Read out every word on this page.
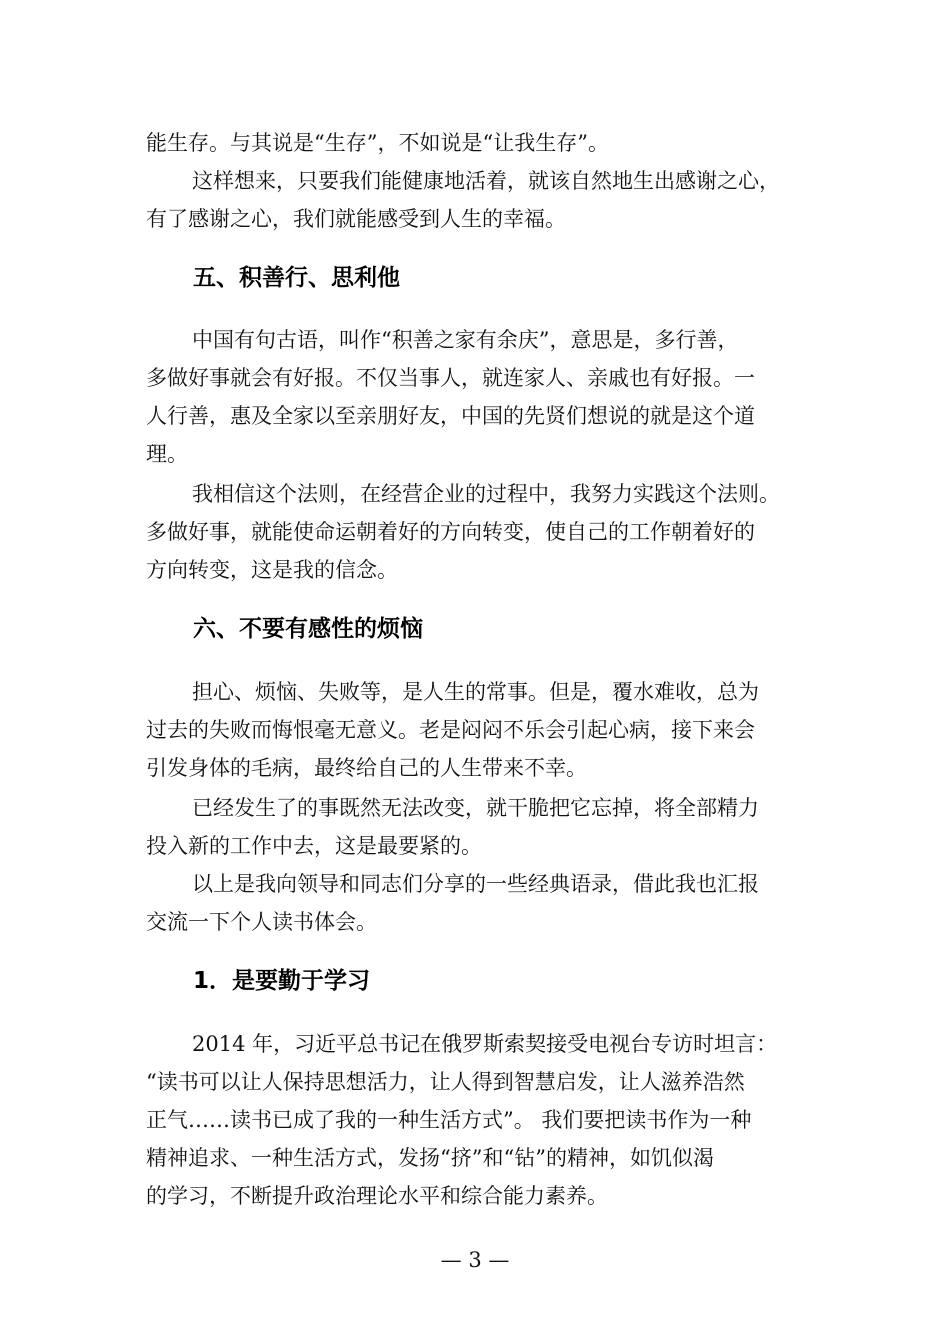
能生存。与其说是“生存”，不如说是“让我生存”。
这样想来，只要我们能健康地活着，就该自然地生出感谢之心，
有了感谢之心，我们就能感受到人生的幸福。
五、积善行、思利他
中国有句古语，叫作“积善之家有余庆”，意思是，多行善，
多做好事就会有好报。不仅当事人，就连家人、亲戚也有好报。一
人行善，惠及全家以至亲朋好友，中国的先贤们想说的就是这个道
理。
我相信这个法则，在经营企业的过程中，我努力实践这个法则。
多做好事，就能使命运朝着好的方向转变，使自己的工作朝着好的
方向转变，这是我的信念。
六、不要有感性的烦恼
担心、烦恼、失败等，是人生的常事。但是，覆水难收，总为
过去的失败而悔恨毫无意义。老是闷闷不乐会引起心病，接下来会
引发身体的毛病，最终给自己的人生带来不幸。
已经发生了的事既然无法改变，就干脆把它忘掉，将全部精力
投入新的工作中去，这是最要紧的。
以上是我向领导和同志们分享的一些经典语录，借此我也汇报
交流一下个人读书体会。
1．是要勤于学习
2014 年，习近平总书记在俄罗斯索契接受电视台专访时坦言：
“读书可以让人保持思想活力，让人得到智慧启发，让人滋养浩然
正气……读书已成了我的一种生活方式”。 我们要把读书作为一种
精神追求、一种生活方式，发扬“挤”和“钻”的精神，如饥似渴
的学习，不断提升政治理论水平和综合能力素养。
— 3 —
